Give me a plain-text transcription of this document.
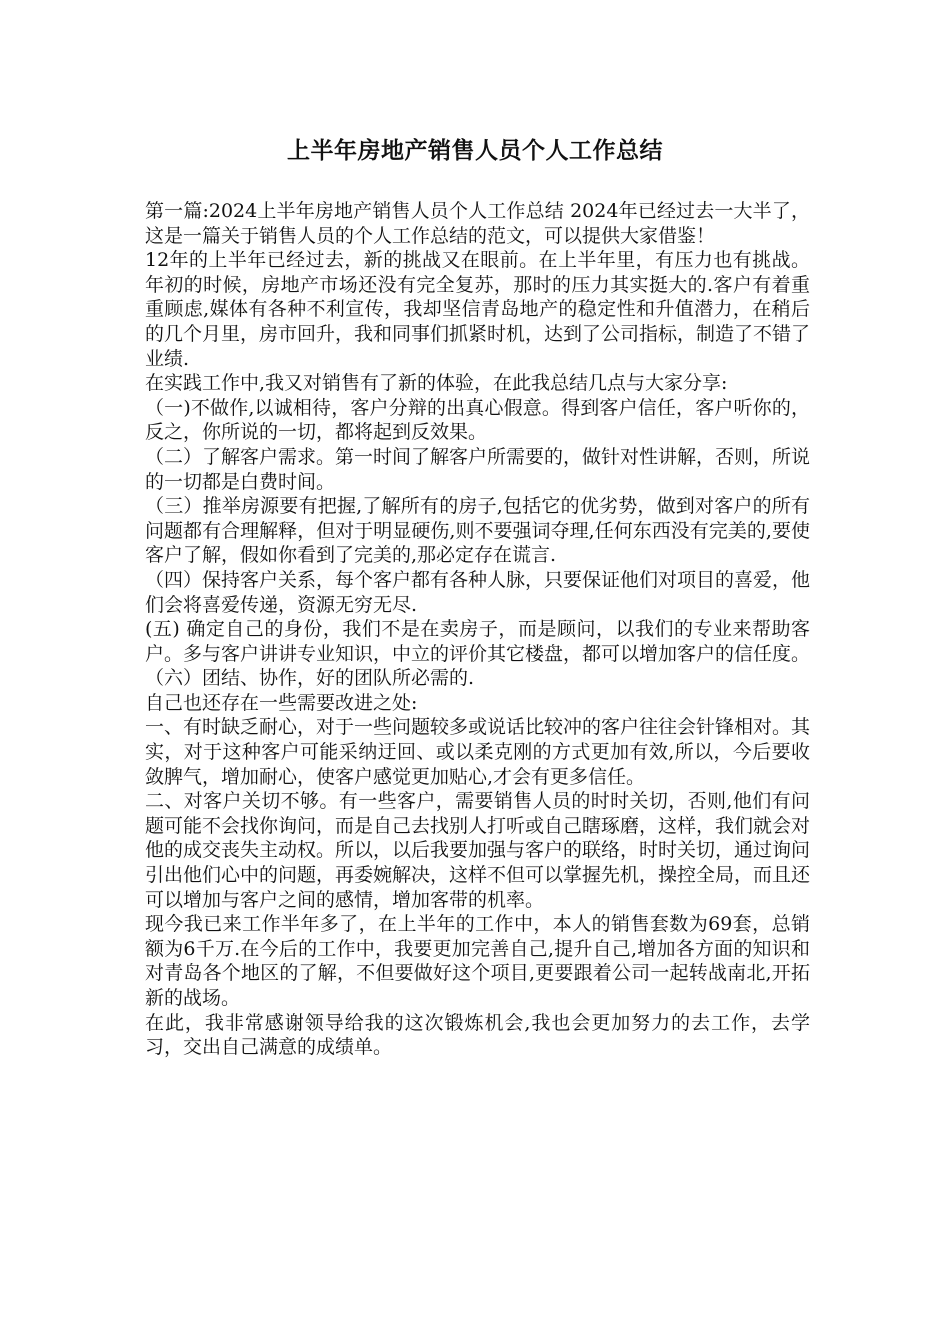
上半年房地产销售人员个人工作总结

第一篇:2024上半年房地产销售人员个人工作总结 2024年已经过去一大半了，这是一篇关于销售人员的个人工作总结的范文，可以提供大家借鉴！

12年的上半年已经过去，新的挑战又在眼前。在上半年里，有压力也有挑战。年初的时候，房地产市场还没有完全复苏，那时的压力其实挺大的.客户有着重重顾虑,媒体有各种不利宣传，我却坚信青岛地产的稳定性和升值潜力，在稍后的几个月里，房市回升，我和同事们抓紧时机，达到了公司指标，制造了不错了业绩.

在实践工作中,我又对销售有了新的体验，在此我总结几点与大家分享:

（一)不做作,以诚相待，客户分辩的出真心假意。得到客户信任，客户听你的，反之，你所说的一切，都将起到反效果。

（二）了解客户需求。第一时间了解客户所需要的，做针对性讲解，否则，所说的一切都是白费时间。

（三）推举房源要有把握,了解所有的房子,包括它的优劣势，做到对客户的所有问题都有合理解释，但对于明显硬伤,则不要强词夺理,任何东西没有完美的,要使客户了解，假如你看到了完美的,那必定存在谎言.

（四）保持客户关系，每个客户都有各种人脉，只要保证他们对项目的喜爱，他们会将喜爱传递，资源无穷无尽.

(五) 确定自己的身份，我们不是在卖房子，而是顾问，以我们的专业来帮助客户。多与客户讲讲专业知识，中立的评价其它楼盘，都可以增加客户的信任度。

（六）团结、协作，好的团队所必需的.

自己也还存在一些需要改进之处:

一、有时缺乏耐心，对于一些问题较多或说话比较冲的客户往往会针锋相对。其实，对于这种客户可能采纳迂回、或以柔克刚的方式更加有效,所以，今后要收敛脾气，增加耐心，使客户感觉更加贴心,才会有更多信任。

二、对客户关切不够。有一些客户，需要销售人员的时时关切，否则,他们有问题可能不会找你询问，而是自己去找别人打听或自己瞎琢磨，这样，我们就会对他的成交丧失主动权。所以，以后我要加强与客户的联络，时时关切，通过询问引出他们心中的问题，再委婉解决，这样不但可以掌握先机，操控全局，而且还可以增加与客户之间的感情，增加客带的机率。

现今我已来工作半年多了，在上半年的工作中，本人的销售套数为69套，总销额为6千万.在今后的工作中，我要更加完善自己,提升自己,增加各方面的知识和对青岛各个地区的了解，不但要做好这个项目,更要跟着公司一起转战南北,开拓新的战场。

在此，我非常感谢领导给我的这次锻炼机会,我也会更加努力的去工作，去学习，交出自己满意的成绩单。
